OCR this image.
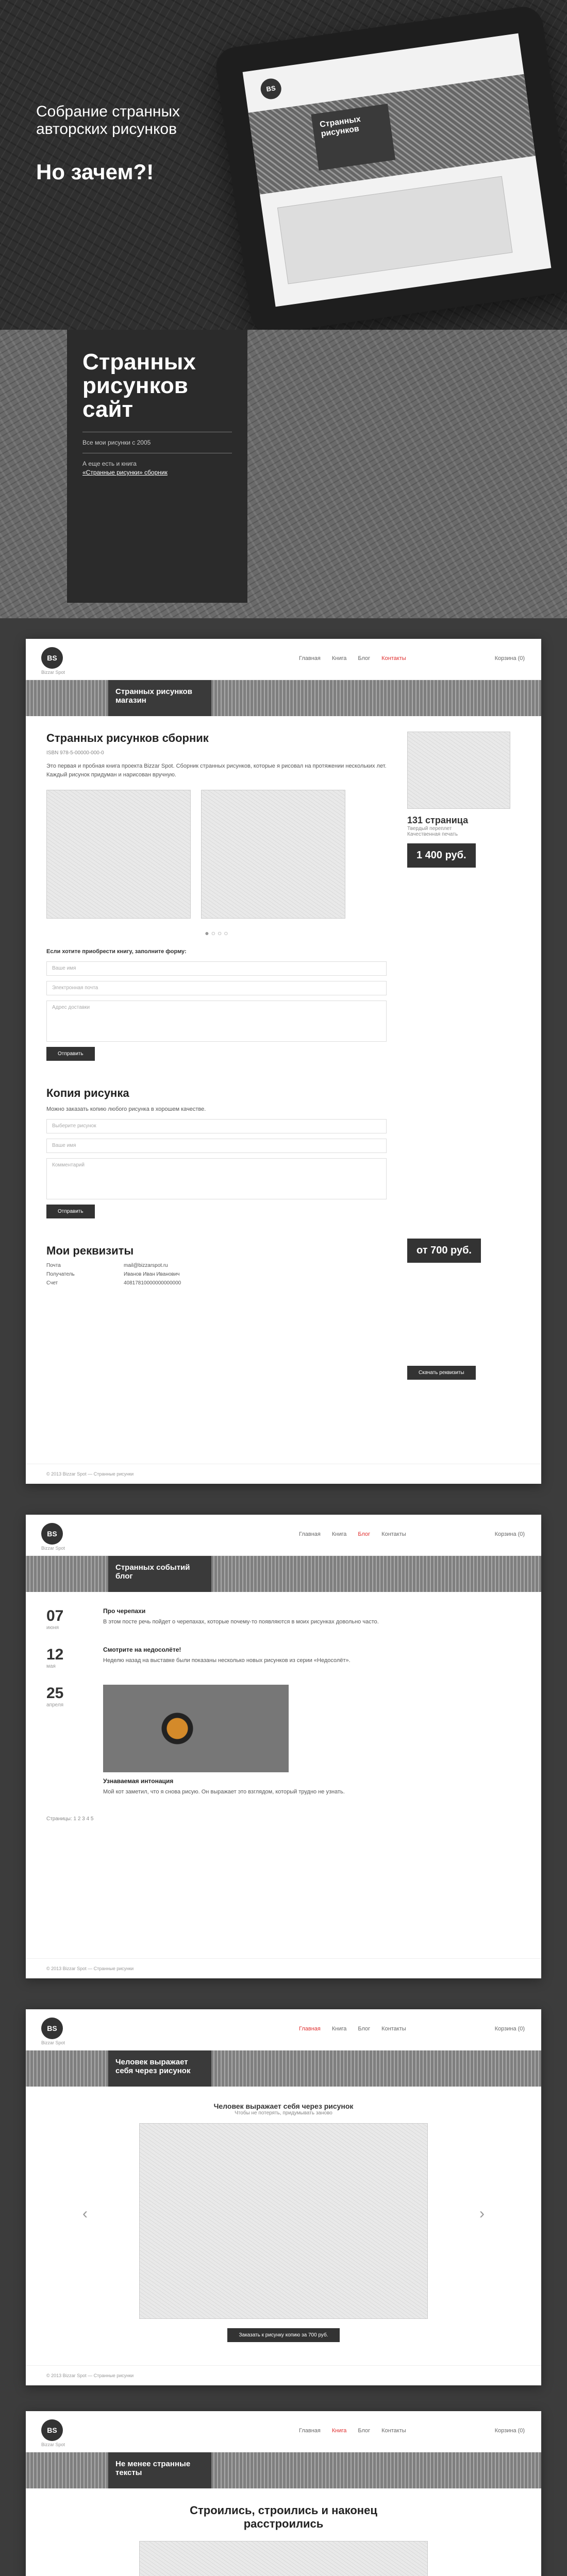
Собрание странных авторских рисунков
Но зачем?!
BS
Странных рисунков
Странных рисунков сайт
Все мои рисунки с 2005
А еще есть и книга
«Странные рисунки» сборник
BS
Bizzar Spot
Главная Книга Блог Контакты	Корзина (0)
Странных рисунков магазин
Странных рисунков сборник
ISBN 978-5-00000-000-0
Это первая и пробная книга проекта Bizzar Spot. Сборник странных рисунков, которые я рисовал на протяжении нескольких лет. Каждый рисунок придуман и нарисован вручную.
● ○ ○ ○
Если хотите приобрести книгу, заполните форму:
Ваше имя
Электронная почта
Адрес доставки
Отправить
Копия рисунка
Можно заказать копию любого рисунка в хорошем качестве.
Выберите рисунок
Ваше имя
Комментарий
Отправить
Мои реквизиты
Почта	mail@bizzarspot.ru
Получатель	Иванов Иван Иванович
Счет	40817810000000000000
131 страница
Твердый переплет
Качественная печать
1 400 руб. от 700 руб. Скачать реквизиты
© 2013 Bizzar Spot — Странные рисунки
BS
Bizzar Spot
Главная Книга Блог Контакты	Корзина (0)
Странных событий блог
07
июня
Про черепахи
В этом посте речь пойдет о черепахах, которые почему-то появляются в моих рисунках довольно часто.
12
мая
Смотрите на недосолёте!
Неделю назад на выставке были показаны несколько новых рисунков из серии «Недосолёт».
25
апреля
Узнаваемая интонация
Мой кот заметил, что я снова рисую. Он выражает это взглядом, который трудно не узнать.
Страницы: 1 2 3 4 5
© 2013 Bizzar Spot — Странные рисунки
BS
Bizzar Spot
Главная Книга Блог Контакты	Корзина (0)
Человек выражает себя через рисунок
Человек выражает себя через рисунок
Чтобы не потерять, придумывать заново
Заказать к рисунку копию за 700 руб.
‹	›
© 2013 Bizzar Spot — Странные рисунки
BS
Bizzar Spot
Главная Книга Блог Контакты	Корзина (0)
Не менее странные тексты
Строились, строились и наконец расстроились
